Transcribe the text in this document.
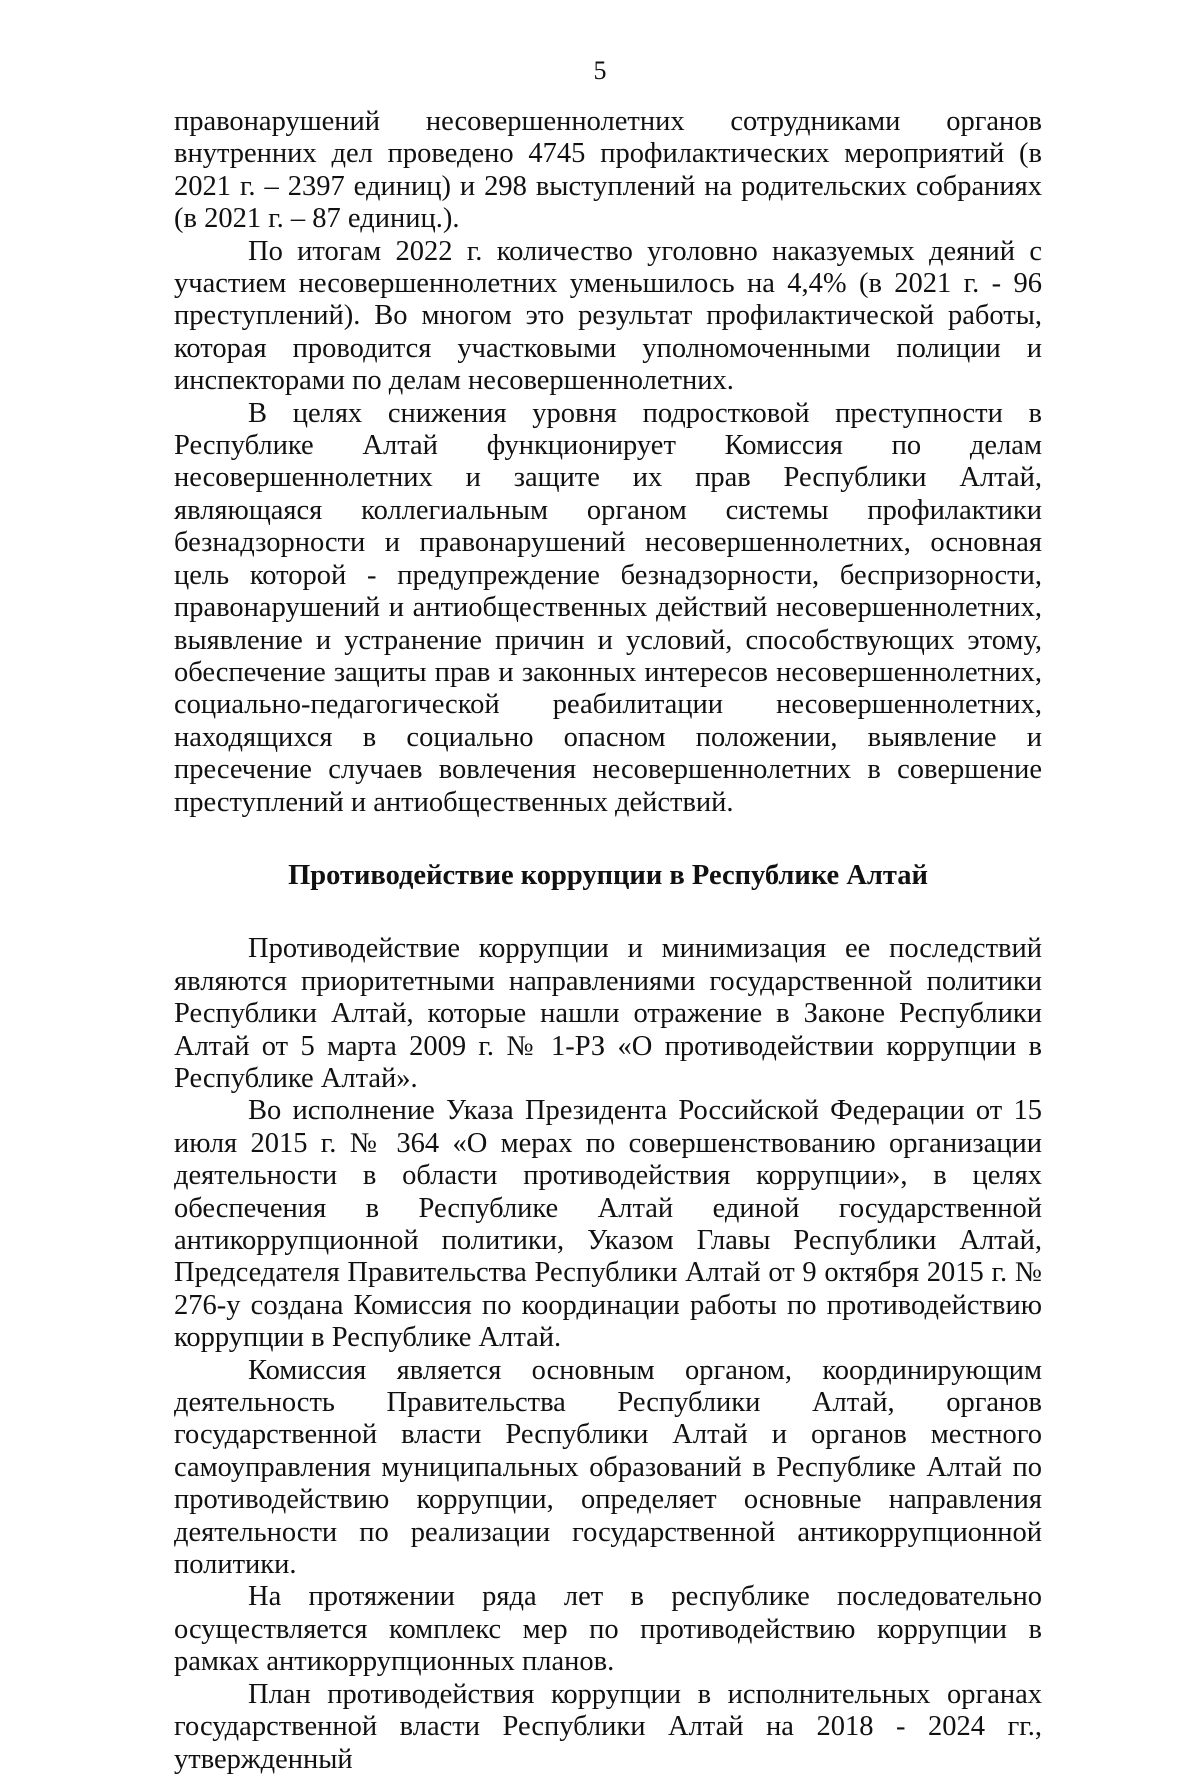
5

правонарушений несовершеннолетних сотрудниками органов внутренних дел проведено 4745 профилактических мероприятий (в 2021 г. – 2397 единиц) и 298 выступлений на родительских собраниях (в 2021 г. – 87 единиц.).

По итогам 2022 г. количество уголовно наказуемых деяний с участием несовершеннолетних уменьшилось на 4,4% (в 2021 г. - 96 преступлений). Во многом это результат профилактической работы, которая проводится участковыми уполномоченными полиции и инспекторами по делам несовершеннолетних.

В целях снижения уровня подростковой преступности в Республике Алтай функционирует Комиссия по делам несовершеннолетних и защите их прав Республики Алтай, являющаяся коллегиальным органом системы профилактики безнадзорности и правонарушений несовершеннолетних, основная цель которой - предупреждение безнадзорности, беспризорности, правонарушений и антиобщественных действий несовершеннолетних, выявление и устранение причин и условий, способствующих этому, обеспечение защиты прав и законных интересов несовершеннолетних, социально-педагогической реабилитации несовершеннолетних, находящихся в социально опасном положении, выявление и пресечение случаев вовлечения несовершеннолетних в совершение преступлений и антиобщественных действий.

Противодействие коррупции в Республике Алтай

Противодействие коррупции и минимизация ее последствий являются приоритетными направлениями государственной политики Республики Алтай, которые нашли отражение в Законе Республики Алтай от 5 марта 2009 г. № 1-РЗ «О противодействии коррупции в Республике Алтай».

Во исполнение Указа Президента Российской Федерации от 15 июля 2015 г. № 364 «О мерах по совершенствованию организации деятельности в области противодействия коррупции», в целях обеспечения в Республике Алтай единой государственной антикоррупционной политики, Указом Главы Республики Алтай, Председателя Правительства Республики Алтай от 9 октября 2015 г. № 276-у создана Комиссия по координации работы по противодействию коррупции в Республике Алтай.

Комиссия является основным органом, координирующим деятельность Правительства Республики Алтай, органов государственной власти Республики Алтай и органов местного самоуправления муниципальных образований в Республике Алтай по противодействию коррупции, определяет основные направления деятельности по реализации государственной антикоррупционной политики.

На протяжении ряда лет в республике последовательно осуществляется комплекс мер по противодействию коррупции в рамках антикоррупционных планов.

План противодействия коррупции в исполнительных органах государственной власти Республики Алтай на 2018 - 2024 гг., утвержденный
